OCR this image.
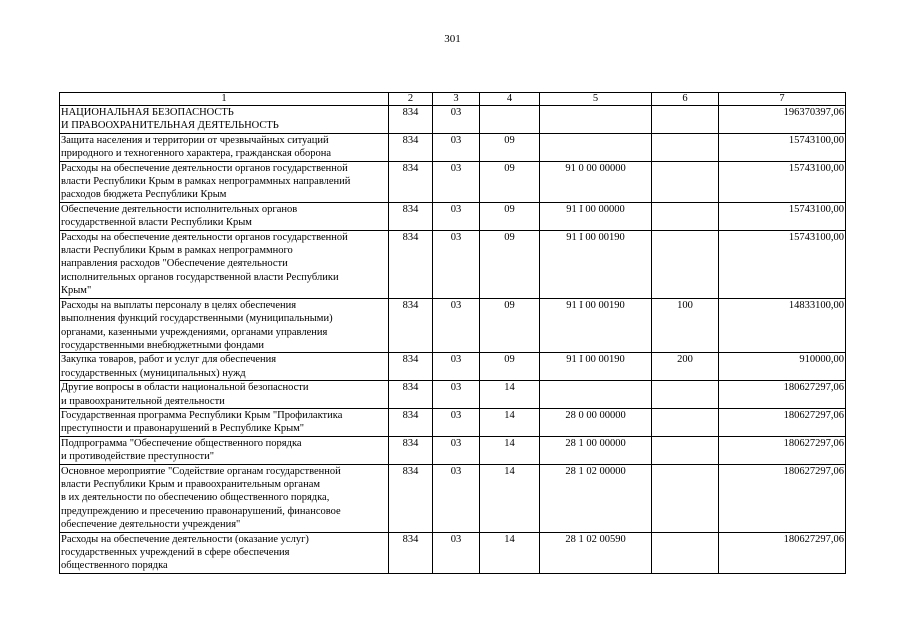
301
1	2	3	4	5	6	7
НАЦИОНАЛЬНАЯ БЕЗОПАСНОСТЬ
И ПРАВООХРАНИТЕЛЬНАЯ ДЕЯТЕЛЬНОСТЬ	834	03				196370397,06
Защита населения и территории от чрезвычайных ситуаций
природного и техногенного характера, гражданская оборона	834	03	09			15743100,00
Расходы на обеспечение деятельности органов государственной
власти Республики Крым в рамках непрограммных направлений
расходов бюджета Республики Крым	834	03	09	91 0 00 00000		15743100,00
Обеспечение деятельности исполнительных органов
государственной власти Республики Крым	834	03	09	91 I 00 00000		15743100,00
Расходы на обеспечение деятельности органов государственной
власти Республики Крым в рамках непрограммного
направления расходов "Обеспечение деятельности
исполнительных органов государственной власти Республики
Крым"	834	03	09	91 I 00 00190		15743100,00
Расходы на выплаты персоналу в целях обеспечения
выполнения функций государственными (муниципальными)
органами, казенными учреждениями, органами управления
государственными внебюджетными фондами	834	03	09	91 I 00 00190	100	14833100,00
Закупка товаров, работ и услуг для обеспечения
государственных (муниципальных) нужд	834	03	09	91 I 00 00190	200	910000,00
Другие вопросы в области национальной безопасности
и правоохранительной деятельности	834	03	14			180627297,06
Государственная программа Республики Крым "Профилактика
преступности и правонарушений в Республике Крым"	834	03	14	28 0 00 00000		180627297,06
Подпрограмма "Обеспечение общественного порядка
и противодействие преступности"	834	03	14	28 1 00 00000		180627297,06
Основное мероприятие "Содействие органам государственной
власти Республики Крым и правоохранительным органам
в их деятельности по обеспечению общественного порядка,
предупреждению и пресечению правонарушений, финансовое
обеспечение деятельности учреждения"	834	03	14	28 1 02 00000		180627297,06
Расходы на обеспечение деятельности (оказание услуг)
государственных учреждений в сфере обеспечения
общественного порядка	834	03	14	28 1 02 00590		180627297,06
